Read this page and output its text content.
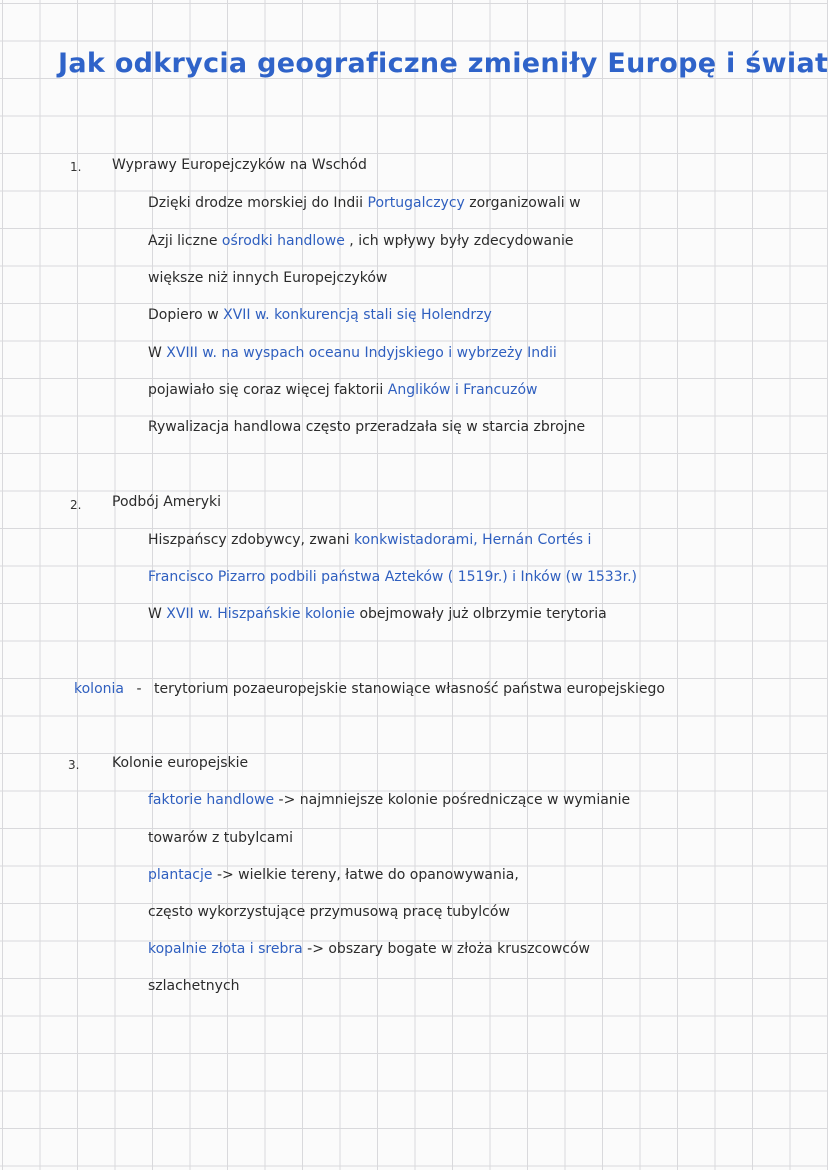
Jak odkrycia geograficzne zmieniły Europę i świat
1. Wyprawy Europejczyków na Wschód
Dzięki drodze morskiej do Indii Portugalczycy zorganizowali w
Azji liczne ośrodki handlowe , ich wpływy były zdecydowanie
większe niż innych Europejczyków
Dopiero w XVII w. konkurencją stali się Holendrzy
W XVIII w. na wyspach oceanu Indyjskiego i wybrzeży Indii
pojawiało się coraz więcej faktorii Anglików i Francuzów
Rywalizacja handlowa często przeradzała się w starcia zbrojne
2. Podbój Ameryki
Hiszpańscy zdobywcy, zwani konkwistadorami, Hernán Cortés i
Francisco Pizarro podbili państwa Azteków ( 1519r.) i Inków (w 1533r.)
W XVII w. Hiszpańskie kolonie obejmowały już olbrzymie terytoria
kolonia - terytorium pozaeuropejskie stanowiące własność państwa europejskiego
3. Kolonie europejskie
faktorie handlowe -> najmniejsze kolonie pośredniczące w wymianie
towarów z tubylcami
plantacje -> wielkie tereny, łatwe do opanowywania,
często wykorzystujące przymusową pracę tubylców
kopalnie złota i srebra -> obszary bogate w złoża kruszcowców
szlachetnych
